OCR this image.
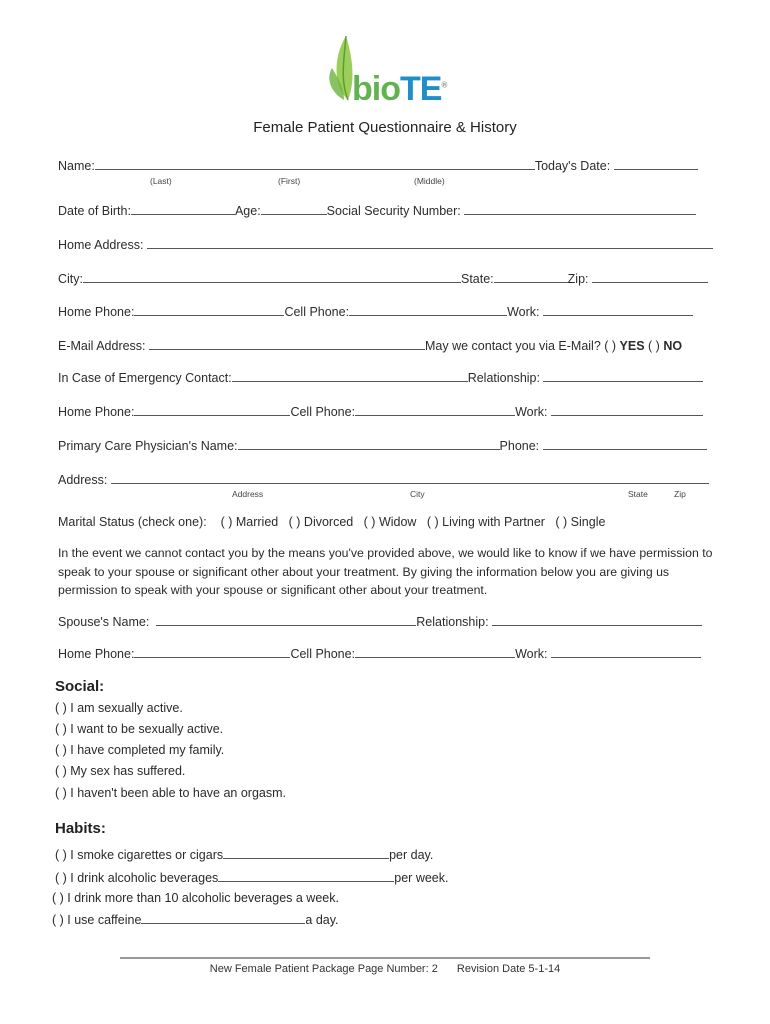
bioTE®
Female Patient Questionnaire & History
Name:	Today's Date:
(Last)	(First)	(Middle)
Date of Birth:	Age:	Social Security Number:
Home Address:
City:	State:	Zip:
Home Phone:	Cell Phone:	Work:
E-Mail Address:	May we contact you via E-Mail? ( ) YES ( ) NO
In Case of Emergency Contact:	Relationship:
Home Phone:	Cell Phone:	Work:
Primary Care Physician's Name:	Phone:
Address:
Address	City	State	Zip
Marital Status (check one): ( ) Married ( ) Divorced ( ) Widow ( ) Living with Partner ( ) Single
In the event we cannot contact you by the means you've provided above, we would like to know if we have permission to speak to your spouse or significant other about your treatment. By giving the information below you are giving us permission to speak with your spouse or significant other about your treatment.
Spouse's Name:	Relationship:
Home Phone:	Cell Phone:	Work:
Social:
( ) I am sexually active.
( ) I want to be sexually active.
( ) I have completed my family.
( ) My sex has suffered.
( ) I haven't been able to have an orgasm.
Habits:
( ) I smoke cigarettes or cigars	per day.
( ) I drink alcoholic beverages	per week.
( ) I drink more than 10 alcoholic beverages a week.
( ) I use caffeine	a day.
New Female Patient Package Page Number: 2 Revision Date 5-1-14
